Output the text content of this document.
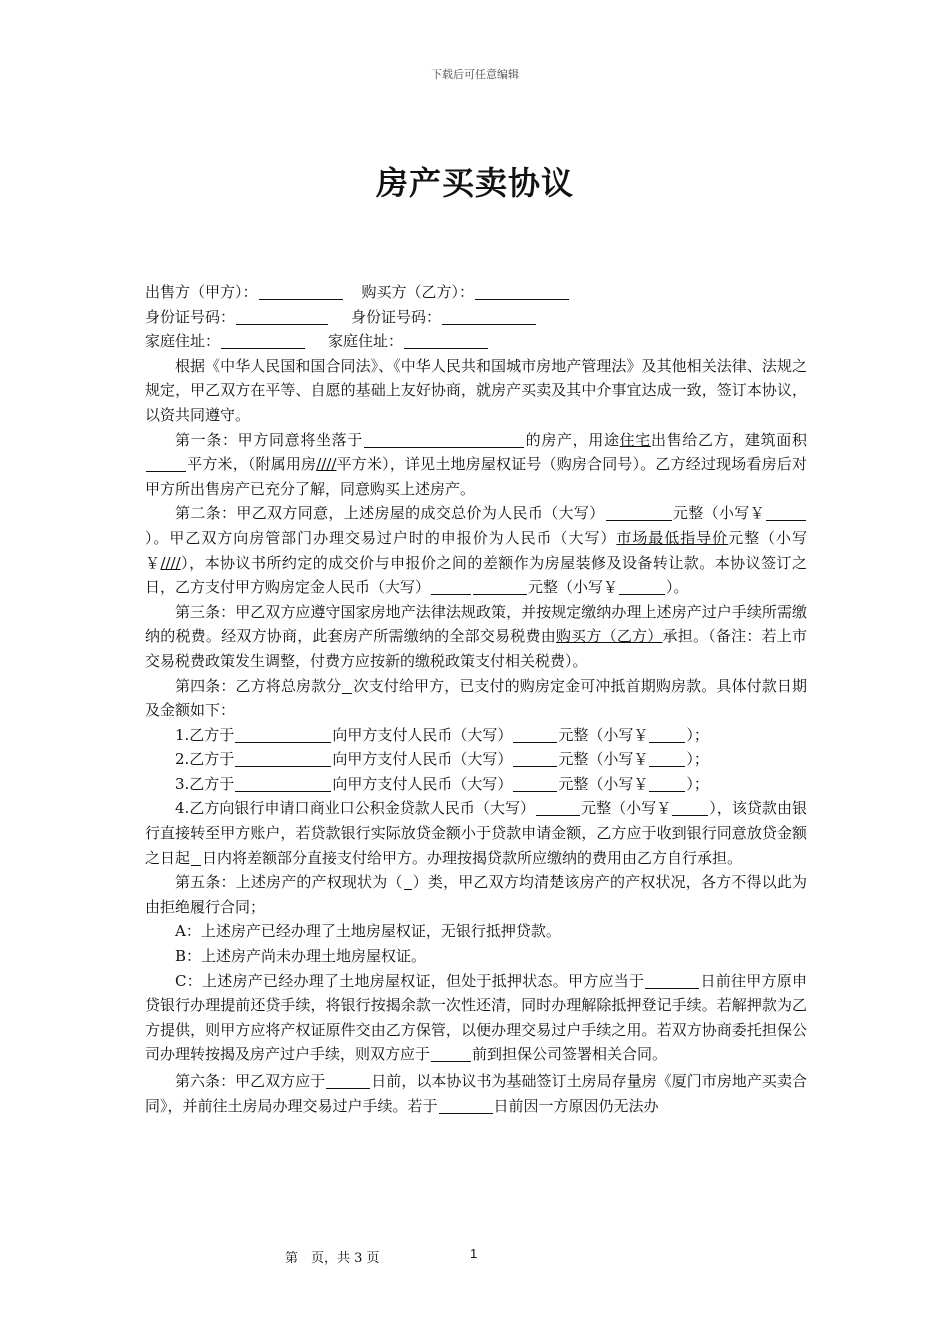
下载后可任意编辑
房产买卖协议

出售方（甲方）：	购买方（乙方）：

身份证号码：	身份证号码：

家庭住址：	家庭住址：

根据《中华人民国和国合同法》、《中华人民共和国城市房地产管理法》及其他相关法律、法规之规定，甲乙双方在平等、自愿的基础上友好协商，就房产买卖及其中介事宜达成一致，签订本协议，以资共同遵守。

第一条：甲方同意将坐落于	的房产，用途住宅出售给乙方，建筑面积平方米，（附属用房////平方米），详见土地房屋权证号（购房合同号）。乙方经过现场看房后对甲方所出售房产已充分了解，同意购买上述房产。

第二条：甲乙双方同意，上述房屋的成交总价为人民币（大写）	元整（小写￥）。甲乙双方向房管部门办理交易过户时的申报价为人民币（大写）市场最低指导价元整（小写￥////），本协议书所约定的成交价与申报价之间的差额作为房屋装修及设备转让款。本协议签订之日，乙方支付甲方购房定金人民币（大写）	元整（小写￥	）。

第三条：甲乙双方应遵守国家房地产法律法规政策，并按规定缴纳办理上述房产过户手续所需缴纳的税费。经双方协商，此套房产所需缴纳的全部交易税费由购买方（乙方）承担。（备注：若上市交易税费政策发生调整，付费方应按新的缴税政策支付相关税费）。

第四条：乙方将总房款分 次支付给甲方，已支付的购房定金可冲抵首期购房款。具体付款日期及金额如下：

1.乙方于	向甲方支付人民币（大写）	元整（小写￥	）；

2.乙方于	向甲方支付人民币（大写）	元整（小写￥	）；

3.乙方于	向甲方支付人民币（大写）	元整（小写￥	）；

4.乙方向银行申请口商业口公积金贷款人民币（大写）	元整（小写￥	），该贷款由银行直接转至甲方账户，若贷款银行实际放贷金额小于贷款申请金额，乙方应于收到银行同意放贷金额之日起 日内将差额部分直接支付给甲方。办理按揭贷款所应缴纳的费用由乙方自行承担。

第五条：上述房产的产权现状为（ ）类，甲乙双方均清楚该房产的产权状况，各方不得以此为由拒绝履行合同；

A：上述房产已经办理了土地房屋权证，无银行抵押贷款。

B：上述房产尚未办理土地房屋权证。

C：上述房产已经办理了土地房屋权证，但处于抵押状态。甲方应当于	日前往甲方原申贷银行办理提前还贷手续，将银行按揭余款一次性还清，同时办理解除抵押登记手续。若解押款为乙方提供，则甲方应将产权证原件交由乙方保管，以便办理交易过户手续之用。若双方协商委托担保公司办理转按揭及房产过户手续，则双方应于	前到担保公司签署相关合同。

第六条：甲乙双方应于	日前，以本协议书为基础签订土房局存量房《厦门市房地产买卖合同》，并前往土房局办理交易过户手续。若于	日前因一方原因仍无法办

第　页，共 3 页	1
